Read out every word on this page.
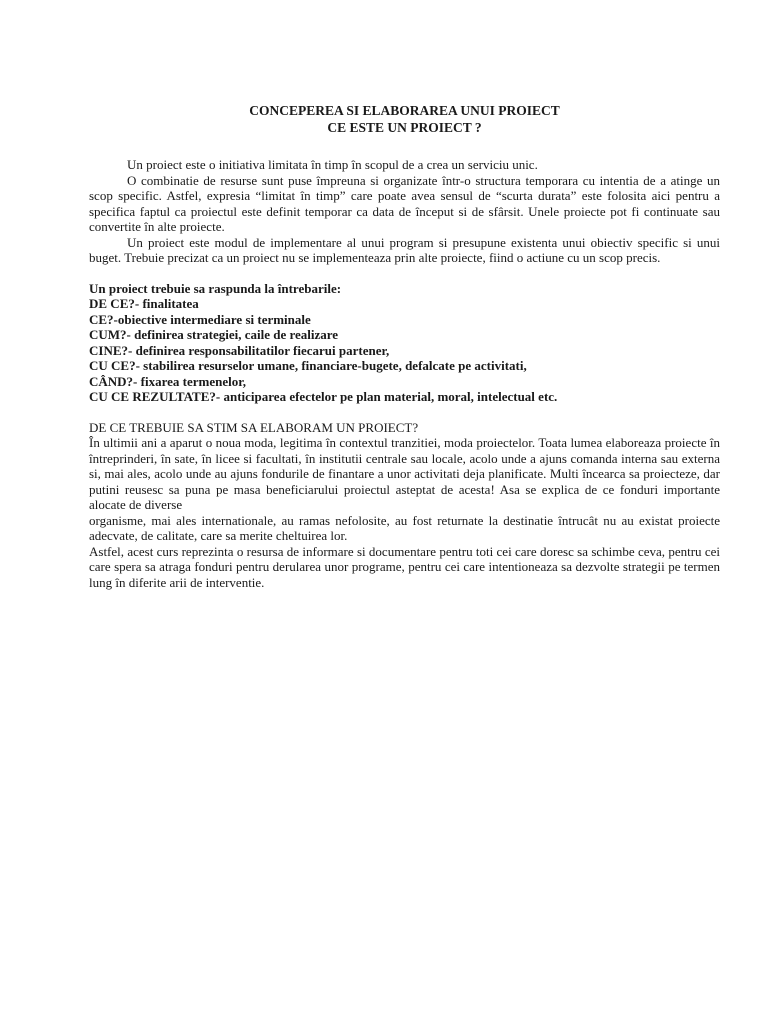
CONCEPEREA SI ELABORAREA UNUI PROIECT
CE ESTE UN PROIECT ?

Un proiect este o initiativa limitata în timp în scopul de a crea un serviciu unic.

O combinatie de resurse sunt puse împreuna si organizate într-o structura temporara cu intentia de a atinge un scop specific. Astfel, expresia “limitat în timp” care poate avea sensul de “scurta durata” este folosita aici pentru a specifica faptul ca proiectul este definit temporar ca data de început si de sfârsit. Unele proiecte pot fi continuate sau convertite în alte proiecte.

Un proiect este modul de implementare al unui program si presupune existenta unui obiectiv specific si unui buget. Trebuie precizat ca un proiect nu se implementeaza prin alte proiecte, fiind o actiune cu un scop precis.

Un proiect trebuie sa raspunda la întrebarile:
DE CE?- finalitatea
CE?-obiective intermediare si terminale
CUM?- definirea strategiei, caile de realizare
CINE?- definirea responsabilitatilor fiecarui partener,
CU CE?- stabilirea resurselor umane, financiare-bugete, defalcate pe activitati,
CÂND?- fixarea termenelor,
CU CE REZULTATE?- anticiparea efectelor pe plan material, moral, intelectual etc.
DE CE TREBUIE SA STIM SA ELABORAM UN PROIECT?

În ultimii ani a aparut o noua moda, legitima în contextul tranzitiei, moda proiectelor. Toata lumea elaboreaza proiecte în întreprinderi, în sate, în licee si facultati, în institutii centrale sau locale, acolo unde a ajuns comanda interna sau externa si, mai ales, acolo unde au ajuns fondurile de finantare a unor activitati deja planificate. Multi încearca sa proiecteze, dar putini reusesc sa puna pe masa beneficiarului proiectul asteptat de acesta! Asa se explica de ce fonduri importante alocate de diverse

organisme, mai ales internationale, au ramas nefolosite, au fost returnate la destinatie întrucât nu au existat proiecte adecvate, de calitate, care sa merite cheltuirea lor.

Astfel, acest curs reprezinta o resursa de informare si documentare pentru toti cei care doresc sa schimbe ceva, pentru cei care spera sa atraga fonduri pentru derularea unor programe, pentru cei care intentioneaza sa dezvolte strategii pe termen lung în diferite arii de interventie.
